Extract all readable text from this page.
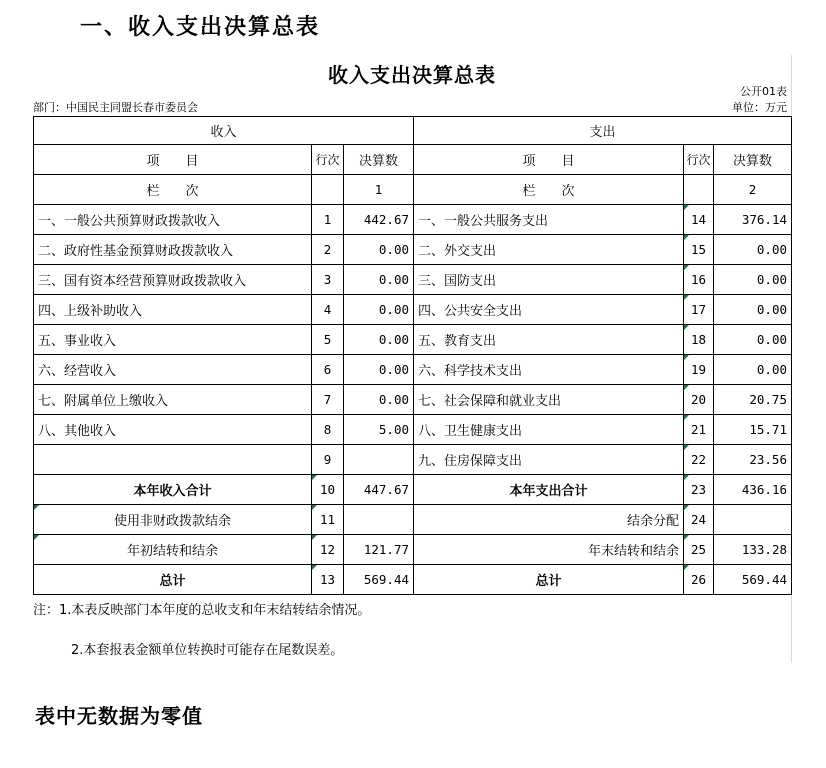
一、收入支出决算总表
收入支出决算总表
公开01表
部门：中国民主同盟长春市委员会	单位：万元
收入			支出		
项　　目	行次	决算数	项　　目	行次	决算数
栏　　次		1	栏　　次		2
一、一般公共预算财政拨款收入	1	442.67	一、一般公共服务支出	14	376.14
二、政府性基金预算财政拨款收入	2	0.00	二、外交支出	15	0.00
三、国有资本经营预算财政拨款收入	3	0.00	三、国防支出	16	0.00
四、上级补助收入	4	0.00	四、公共安全支出	17	0.00
五、事业收入	5	0.00	五、教育支出	18	0.00
六、经营收入	6	0.00	六、科学技术支出	19	0.00
七、附属单位上缴收入	7	0.00	七、社会保障和就业支出	20	20.75
八、其他收入	8	5.00	八、卫生健康支出	21	15.71
	9		九、住房保障支出	22	23.56
本年收入合计	10	447.67	本年支出合计	23	436.16
使用非财政拨款结余	11		结余分配	24	
年初结转和结余	12	121.77	年末结转和结余	25	133.28
总计	13	569.44	总计	26	569.44
注：1.本表反映部门本年度的总收支和年末结转结余情况。
2.本套报表金额单位转换时可能存在尾数误差。
表中无数据为零值
